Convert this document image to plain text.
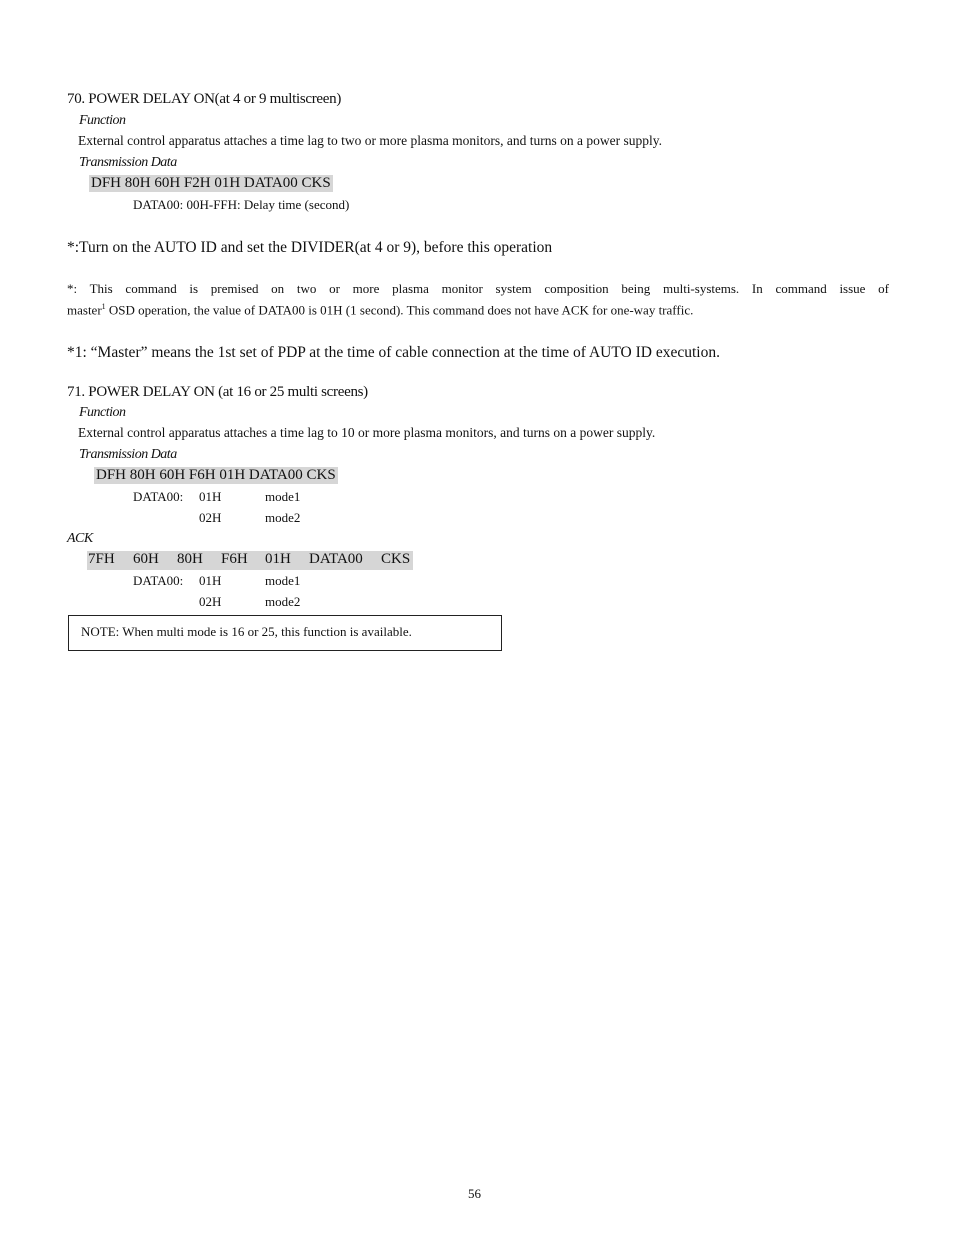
70. POWER DELAY ON(at 4 or 9 multiscreen)
Function
External control apparatus attaches a time lag to two or more plasma monitors, and turns on a power supply.
Transmission Data
DFH 80H 60H F2H 01H DATA00 CKS
DATA00: 00H-FFH: Delay time (second)
*:Turn on the AUTO ID and set the DIVIDER(at 4 or 9), before this operation
*: This command is premised on two or more plasma monitor system composition being multi-systems. In command issue of
master$^1$ OSD operation, the value of DATA00 is 01H (1 second). This command does not have ACK for one-way traffic.
*1: “Master” means the 1st set of PDP at the time of cable connection at the time of AUTO ID execution.
71. POWER DELAY ON (at 16 or 25 multi screens)
Function
External control apparatus attaches a time lag to 10 or more plasma monitors, and turns on a power supply.
Transmission Data
DFH 80H 60H F6H 01H DATA00 CKS
DATA00: 01H	mode1
02H	mode2
ACK
7FH 60H 80H F6H 01H DATA00 CKS
DATA00: 01H	mode1
02H	mode2
NOTE: When multi mode is 16 or 25, this function is available.
56
